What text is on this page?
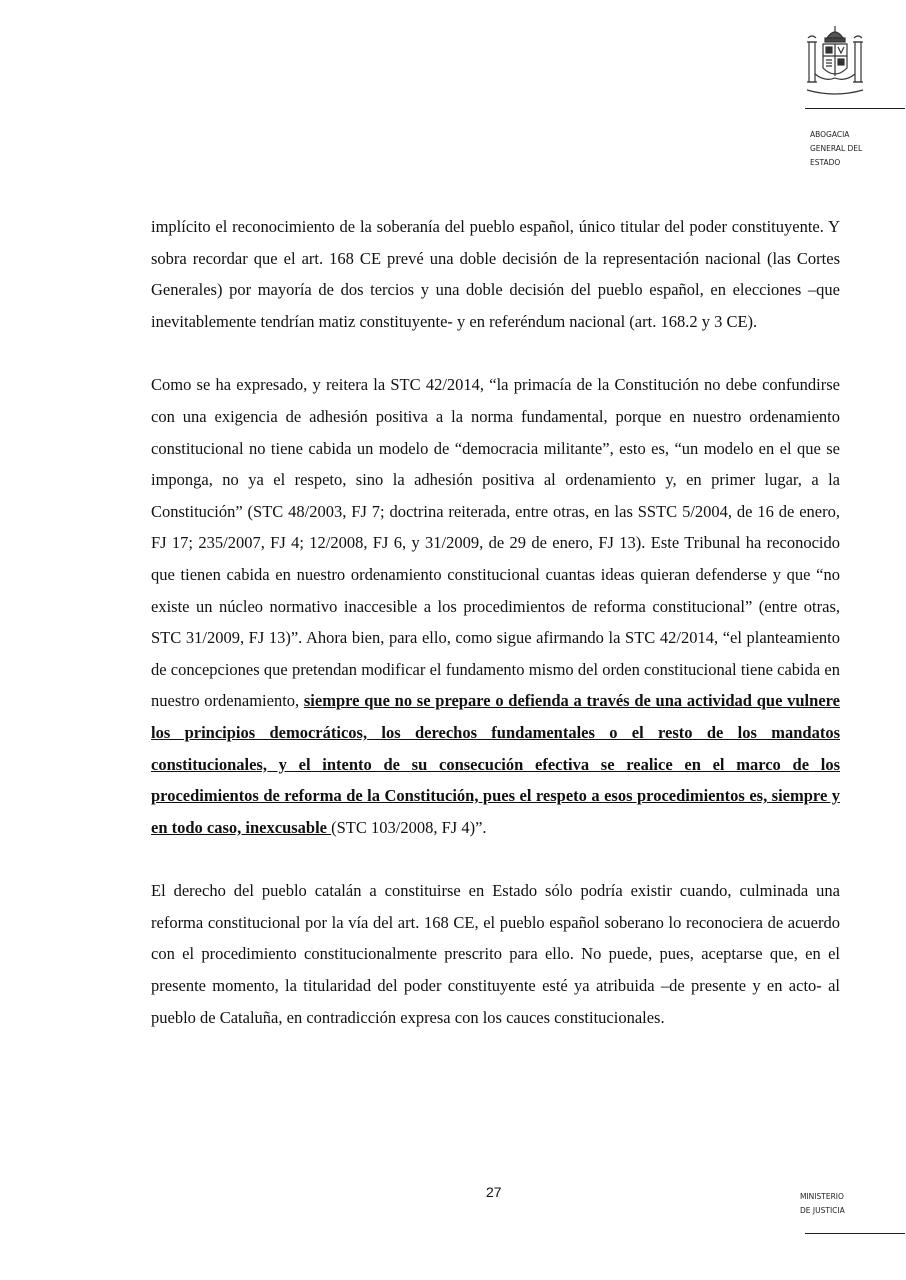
ABOGACIA
GENERAL DEL
ESTADO

implícito el reconocimiento de la soberanía del pueblo español, único titular del poder constituyente. Y sobra recordar que el art. 168 CE prevé una doble decisión de la representación nacional (las Cortes Generales) por mayoría de dos tercios y una doble decisión del pueblo español, en elecciones –que inevitablemente tendrían matiz constituyente- y en referéndum nacional (art. 168.2 y 3 CE).

Como se ha expresado, y reitera la STC 42/2014, “la primacía de la Constitución no debe confundirse con una exigencia de adhesión positiva a la norma fundamental, porque en nuestro ordenamiento constitucional no tiene cabida un modelo de “democracia militante”, esto es, “un modelo en el que se imponga, no ya el respeto, sino la adhesión positiva al ordenamiento y, en primer lugar, a la Constitución” (STC 48/2003, FJ 7; doctrina reiterada, entre otras, en las SSTC 5/2004, de 16 de enero, FJ 17; 235/2007, FJ 4; 12/2008, FJ 6, y 31/2009, de 29 de enero, FJ 13). Este Tribunal ha reconocido que tienen cabida en nuestro ordenamiento constitucional cuantas ideas quieran defenderse y que “no existe un núcleo normativo inaccesible a los procedimientos de reforma constitucional” (entre otras, STC 31/2009, FJ 13)”. Ahora bien, para ello, como sigue afirmando la STC 42/2014, “el planteamiento de concepciones que pretendan modificar el fundamento mismo del orden constitucional tiene cabida en nuestro ordenamiento, siempre que no se prepare o defienda a través de una actividad que vulnere los principios democráticos, los derechos fundamentales o el resto de los mandatos constitucionales, y el intento de su consecución efectiva se realice en el marco de los procedimientos de reforma de la Constitución, pues el respeto a esos procedimientos es, siempre y en todo caso, inexcusable (STC 103/2008, FJ 4)”.

El derecho del pueblo catalán a constituirse en Estado sólo podría existir cuando, culminada una reforma constitucional por la vía del art. 168 CE, el pueblo español soberano lo reconociera de acuerdo con el procedimiento constitucionalmente prescrito para ello. No puede, pues, aceptarse que, en el presente momento, la titularidad del poder constituyente esté ya atribuida –de presente y en acto- al pueblo de Cataluña, en contradicción expresa con los cauces constitucionales.

27	MINISTERIO
DE JUSTICIA
